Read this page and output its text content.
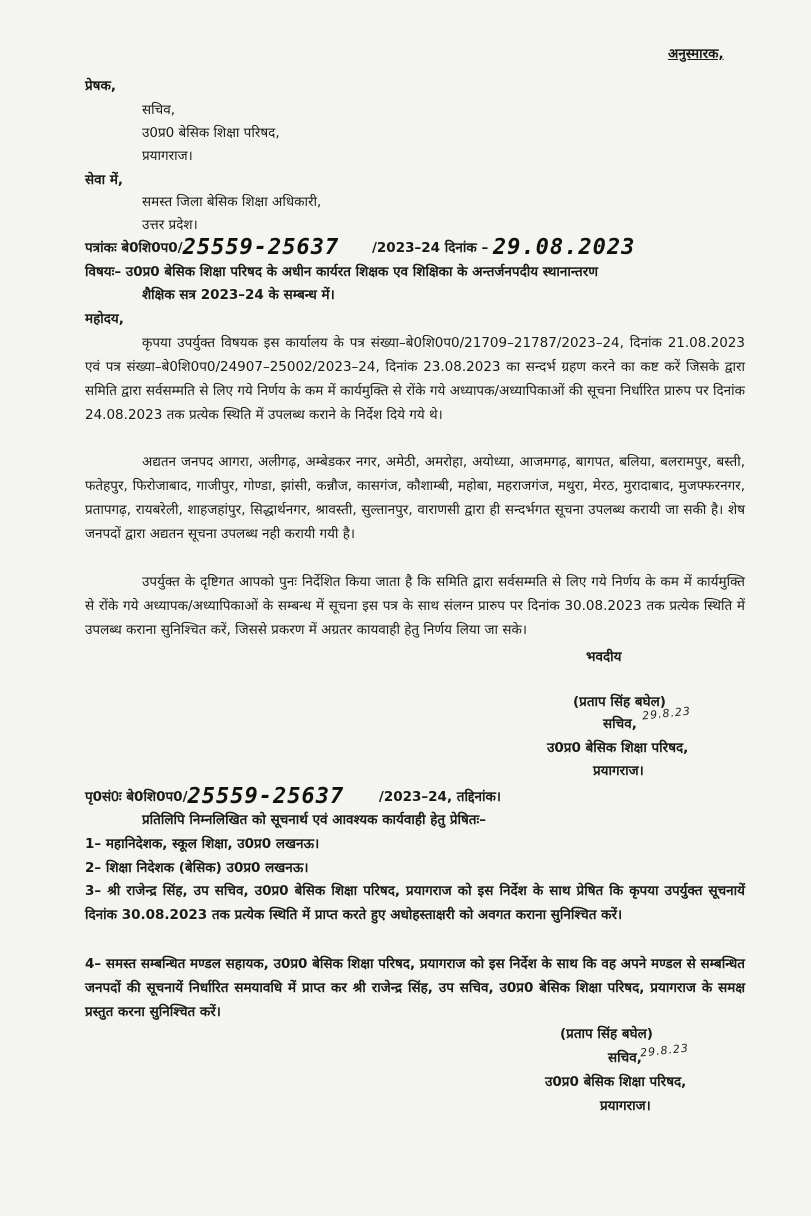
अनुस्मारक,
प्रेषक,
सचिव,
उ0प्र0 बेसिक शिक्षा परिषद,
प्रयागराज।
सेवा में,
समस्त जिला बेसिक शिक्षा अधिकारी,
उत्तर प्रदेश।
पत्रांकः बे0शि0प0/25559-25637 /2023–24 दिनांक – 29.08.2023
विषयः– उ0प्र0 बेसिक शिक्षा परिषद के अधीन कार्यरत शिक्षक एव शिक्षिका के अन्तर्जनपदीय स्थानान्तरण
शैक्षिक सत्र 2023–24 के सम्बन्ध में।
महोदय,
कृपया उपर्युक्त विषयक इस कार्यालय के पत्र संख्या–बे0शि0प0/21709–21787/2023–24, दिनांक 21.08.2023 एवं पत्र संख्या–बे0शि0प0/24907–25002/2023–24, दिनांक 23.08.2023 का सन्दर्भ ग्रहण करने का कष्ट करें जिसके द्वारा समिति द्वारा सर्वसम्मति से लिए गये निर्णय के कम में कार्यमुक्ति से रोंके गये अध्यापक/अध्यापिकाओं की सूचना निर्धारित प्रारुप पर दिनांक 24.08.2023 तक प्रत्येक स्थिति में उपलब्ध कराने के निर्देश दिये गये थे।
अद्यतन जनपद आगरा, अलीगढ़, अम्बेडकर नगर, अमेठी, अमरोहा, अयोध्या, आजमगढ़, बागपत, बलिया, बलरामपुर, बस्ती, फतेहपुर, फिरोजाबाद, गाजीपुर, गोण्डा, झांसी, कन्नौज, कासगंज, कौशाम्बी, महोबा, महराजगंज, मथुरा, मेरठ, मुरादाबाद, मुजफ्फरनगर, प्रतापगढ़, रायबरेली, शाहजहांपुर, सिद्धार्थनगर, श्रावस्ती, सुल्तानपुर, वाराणसी द्वारा ही सन्दर्भगत सूचना उपलब्ध करायी जा सकी है। शेष जनपदों द्वारा अद्यतन सूचना उपलब्ध नही करायी गयी है।
उपर्युक्त के दृष्टिगत आपको पुनः निर्देशित किया जाता है कि समिति द्वारा सर्वसम्मति से लिए गये निर्णय के कम में कार्यमुक्ति से रोंके गये अध्यापक/अध्यापिकाओं के सम्बन्ध में सूचना इस पत्र के साथ संलग्न प्रारुप पर दिनांक 30.08.2023 तक प्रत्येक स्थिति में उपलब्ध कराना सुनिश्चित करें, जिससे प्रकरण में अग्रतर कायवाही हेतु निर्णय लिया जा सके।
भवदीय
(प्रताप सिंह बघेल)
29.8.23
सचिव,
उ0प्र0 बेसिक शिक्षा परिषद,
प्रयागराज।
पृ0सं0ः बे0शि0प0/25559-25637	/2023–24, तद्दिनांक।
प्रतिलिपि निम्नलिखित को सूचनार्थ एवं आवश्यक कार्यवाही हेतु प्रेषितः–
1– महानिदेशक, स्कूल शिक्षा, उ0प्र0 लखनऊ।
2– शिक्षा निदेशक (बेसिक) उ0प्र0 लखनऊ।
3– श्री राजेन्द्र सिंह, उप सचिव, उ0प्र0 बेसिक शिक्षा परिषद, प्रयागराज को इस निर्देश के साथ प्रेषित कि कृपया उपर्युक्त सूचनायें दिनांक 30.08.2023 तक प्रत्येक स्थिति में प्राप्त करते हुए अधोहस्ताक्षरी को अवगत कराना सुनिश्चित करें।
4– समस्त सम्बन्धित मण्डल सहायक, उ0प्र0 बेसिक शिक्षा परिषद, प्रयागराज को इस निर्देश के साथ कि वह अपने मण्डल से सम्बन्धित जनपदों की सूचनायें निर्धारित समयावधि में प्राप्त कर श्री राजेन्द्र सिंह, उप सचिव, उ0प्र0 बेसिक शिक्षा परिषद, प्रयागराज के समक्ष प्रस्तुत करना सुनिश्चित करें।
(प्रताप सिंह बघेल)
29.8.23
सचिव,
उ0प्र0 बेसिक शिक्षा परिषद,
प्रयागराज।
